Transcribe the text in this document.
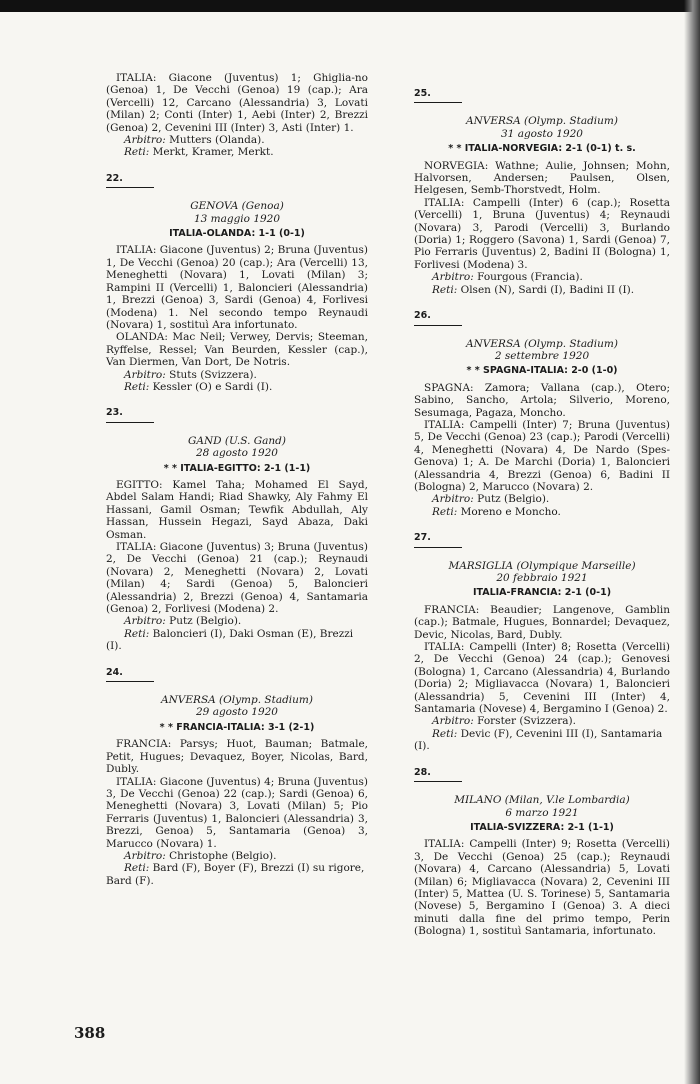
ITALIA: Giacone (Juventus) 1; Ghiglia-no (Genoa) 1, De Vecchi (Genoa) 19 (cap.); Ara (Vercelli) 12, Carcano (Alessandria) 3, Lovati (Milan) 2; Conti (Inter) 1, Aebi (Inter) 2, Brezzi (Genoa) 2, Cevenini III (Inter) 3, Asti (Inter) 1.

Arbitro: Mutters (Olanda).

Reti: Merkt, Kramer, Merkt.

22.
GENOVA (Genoa)
13 maggio 1920
ITALIA-OLANDA: 1-1 (0-1)

ITALIA: Giacone (Juventus) 2; Bruna (Juventus) 1, De Vecchi (Genoa) 20 (cap.); Ara (Vercelli) 13, Meneghetti (Novara) 1, Lovati (Milan) 3; Rampini II (Vercelli) 1, Baloncieri (Alessandria) 1, Brezzi (Genoa) 3, Sardi (Genoa) 4, Forlivesi (Modena) 1. Nel secondo tempo Reynaudi (Novara) 1, sostituì Ara infortunato.

OLANDA: Mac Neil; Verwey, Dervis; Steeman, Ryffelse, Ressel; Van Beurden, Kessler (cap.), Van Diermen, Van Dort, De Notris.

Arbitro: Stuts (Svizzera).

Reti: Kessler (O) e Sardi (I).

23.
GAND (U.S. Gand)
28 agosto 1920
* * ITALIA-EGITTO: 2-1 (1-1)

EGITTO: Kamel Taha; Mohamed El Sayd, Abdel Salam Handi; Riad Shawky, Aly Fahmy El Hassani, Gamil Osman; Tewfik Abdullah, Aly Hassan, Hussein Hegazi, Sayd Abaza, Daki Osman.

ITALIA: Giacone (Juventus) 3; Bruna (Juventus) 2, De Vecchi (Genoa) 21 (cap.); Reynaudi (Novara) 2, Meneghetti (Novara) 2, Lovati (Milan) 4; Sardi (Genoa) 5, Baloncieri (Alessandria) 2, Brezzi (Genoa) 4, Santamaria (Genoa) 2, Forlivesi (Modena) 2.

Arbitro: Putz (Belgio).

Reti: Baloncieri (I), Daki Osman (E), Brezzi (I).

24.
ANVERSA (Olymp. Stadium)
29 agosto 1920
* * FRANCIA-ITALIA: 3-1 (2-1)

FRANCIA: Parsys; Huot, Bauman; Batmale, Petit, Hugues; Devaquez, Boyer, Nicolas, Bard, Dubly.

ITALIA: Giacone (Juventus) 4; Bruna (Juventus) 3, De Vecchi (Genoa) 22 (cap.); Sardi (Genoa) 6, Meneghetti (Novara) 3, Lovati (Milan) 5; Pio Ferraris (Juventus) 1, Baloncieri (Alessandria) 3, Brezzi, Genoa) 5, Santamaria (Genoa) 3, Marucco (Novara) 1.

Arbitro: Christophe (Belgio).

Reti: Bard (F), Boyer (F), Brezzi (I) su rigore, Bard (F).

25.
ANVERSA (Olymp. Stadium)
31 agosto 1920
* * ITALIA-NORVEGIA: 2-1 (0-1) t. s.

NORVEGIA: Wathne; Aulie, Johnsen; Mohn, Halvorsen, Andersen; Paulsen, Olsen, Helgesen, Semb-Thorstvedt, Holm.

ITALIA: Campelli (Inter) 6 (cap.); Rosetta (Vercelli) 1, Bruna (Juventus) 4; Reynaudi (Novara) 3, Parodi (Vercelli) 3, Burlando (Doria) 1; Roggero (Savona) 1, Sardi (Genoa) 7, Pio Ferraris (Juventus) 2, Badini II (Bologna) 1, Forlivesi (Modena) 3.

Arbitro: Fourgous (Francia).

Reti: Olsen (N), Sardi (I), Badini II (I).

26.
ANVERSA (Olymp. Stadium)
2 settembre 1920
* * SPAGNA-ITALIA: 2-0 (1-0)

SPAGNA: Zamora; Vallana (cap.), Otero; Sabino, Sancho, Artola; Silverio, Moreno, Sesumaga, Pagaza, Moncho.

ITALIA: Campelli (Inter) 7; Bruna (Juventus) 5, De Vecchi (Genoa) 23 (cap.); Parodi (Vercelli) 4, Meneghetti (Novara) 4, De Nardo (Spes-Genova) 1; A. De Marchi (Doria) 1, Baloncieri (Alessandria 4, Brezzi (Genoa) 6, Badini II (Bologna) 2, Marucco (Novara) 2.

Arbitro: Putz (Belgio).

Reti: Moreno e Moncho.

27.
MARSIGLIA (Olympique Marseille)
20 febbraio 1921
ITALIA-FRANCIA: 2-1 (0-1)

FRANCIA: Beaudier; Langenove, Gamblin (cap.); Batmale, Hugues, Bonnardel; Devaquez, Devic, Nicolas, Bard, Dubly.

ITALIA: Campelli (Inter) 8; Rosetta (Vercelli) 2, De Vecchi (Genoa) 24 (cap.); Genovesi (Bologna) 1, Carcano (Alessandria) 4, Burlando (Doria) 2; Migliavacca (Novara) 1, Baloncieri (Alessandria) 5, Cevenini III (Inter) 4, Santamaria (Novese) 4, Bergamino I (Genoa) 2.

Arbitro: Forster (Svizzera).

Reti: Devic (F), Cevenini III (I), Santamaria (I).

28.
MILANO (Milan, V.le Lombardia)
6 marzo 1921
ITALIA-SVIZZERA: 2-1 (1-1)

ITALIA: Campelli (Inter) 9; Rosetta (Vercelli) 3, De Vecchi (Genoa) 25 (cap.); Reynaudi (Novara) 4, Carcano (Alessandria) 5, Lovati (Milan) 6; Migliavacca (Novara) 2, Cevenini III (Inter) 5, Mattea (U. S. Torinese) 5, Santamaria (Novese) 5, Bergamino I (Genoa) 3. A dieci minuti dalla fine del primo tempo, Perin (Bologna) 1, sostituì Santamaria, infortunato.

388
